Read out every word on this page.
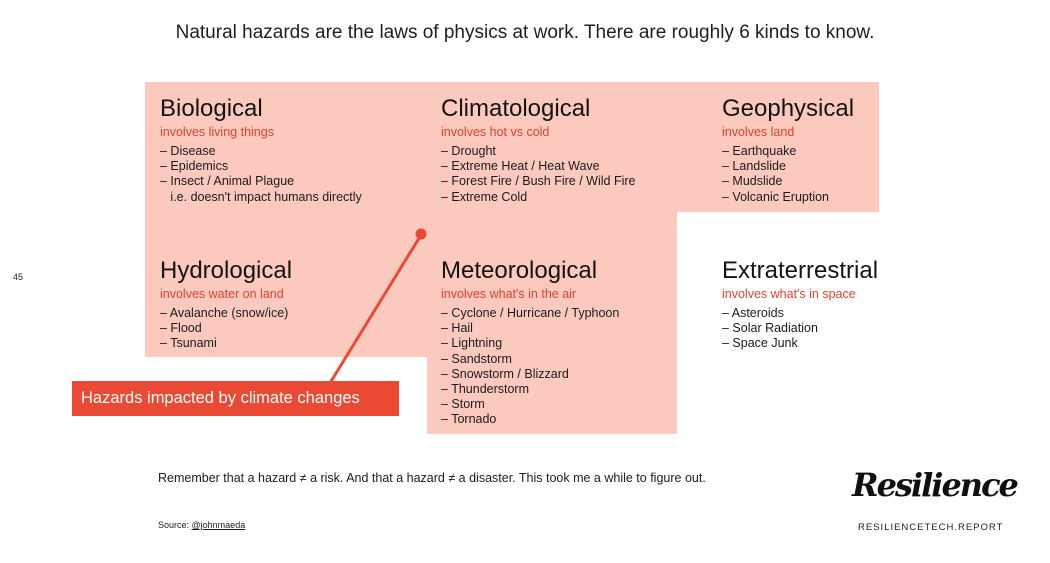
Natural hazards are the laws of physics at work. There are roughly 6 kinds to know.
45
Biological
involves living things
– Disease
– Epidemics
– Insect / Animal Plague
i.e. doesn't impact humans directly
Climatological
involves hot vs cold
– Drought
– Extreme Heat / Heat Wave
– Forest Fire / Bush Fire / Wild Fire
– Extreme Cold
Geophysical
involves land
– Earthquake
– Landslide
– Mudslide
– Volcanic Eruption
Hydrological
involves water on land
– Avalanche (snow/ice)
– Flood
– Tsunami
Meteorological
involves what's in the air
– Cyclone / Hurricane / Typhoon
– Hail
– Lightning
– Sandstorm
– Snowstorm / Blizzard
– Thunderstorm
– Storm
– Tornado
Extraterrestrial
involves what's in space
– Asteroids
– Solar Radiation
– Space Junk
Hazards impacted by climate changes
Remember that a hazard ≠ a risk. And that a hazard ≠ a disaster. This took me a while to figure out.
Source: @johnmaeda
Resilience
RESILIENCETECH.REPORT
